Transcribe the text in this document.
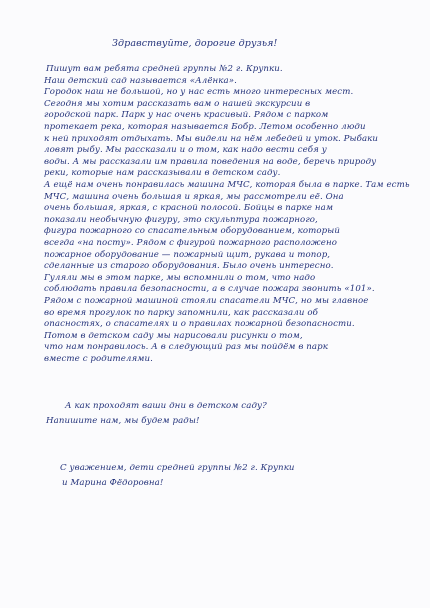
Здравствуйте, дорогие друзья!
Пишут вам ребята средней группы №2 г. Крупки.
Наш детский сад называется «Алёнка».
Городок наш не большой, но у нас есть много интересных мест.
Сегодня мы хотим рассказать вам о нашей экскурсии в
городской парк. Парк у нас очень красивый. Рядом с парком
протекает река, которая называется Бобр. Летом особенно люди
к ней приходят отдыхать. Мы видели на нём лебедей и уток. Рыбаки
ловят рыбу. Мы рассказали и о том, как надо вести себя у
воды. А мы рассказали им правила поведения на воде, беречь природу
реки, которые нам рассказывали в детском саду.
А ещё нам очень понравилась машина МЧС, которая была в парке. Там есть
МЧС, машина очень большая и яркая, мы рассмотрели её. Она
очень большая, яркая, с красной полосой. Бойцы в парке нам
показали необычную фигуру, это скульптура пожарного,
фигура пожарного со спасательным оборудованием, который
всегда «на посту». Рядом с фигурой пожарного расположено
пожарное оборудование — пожарный щит, рукава и топор,
сделанные из старого оборудования. Было очень интересно.
Гуляли мы в этом парке, мы вспомнили о том, что надо
соблюдать правила безопасности, а в случае пожара звонить «101».
Рядом с пожарной машиной стояли спасатели МЧС, но мы главное
во время прогулок по парку запомнили, как рассказали об
опасностях, о спасателях и о правилах пожарной безопасности.
Потом в детском саду мы нарисовали рисунки о том,
что нам понравилось. А в следующий раз мы пойдём в парк
вместе с родителями.
А как проходят ваши дни в детском саду?
Напишите нам, мы будем рады!
С уважением, дети средней группы №2 г. Крупки
и Марина Фёдоровна!
